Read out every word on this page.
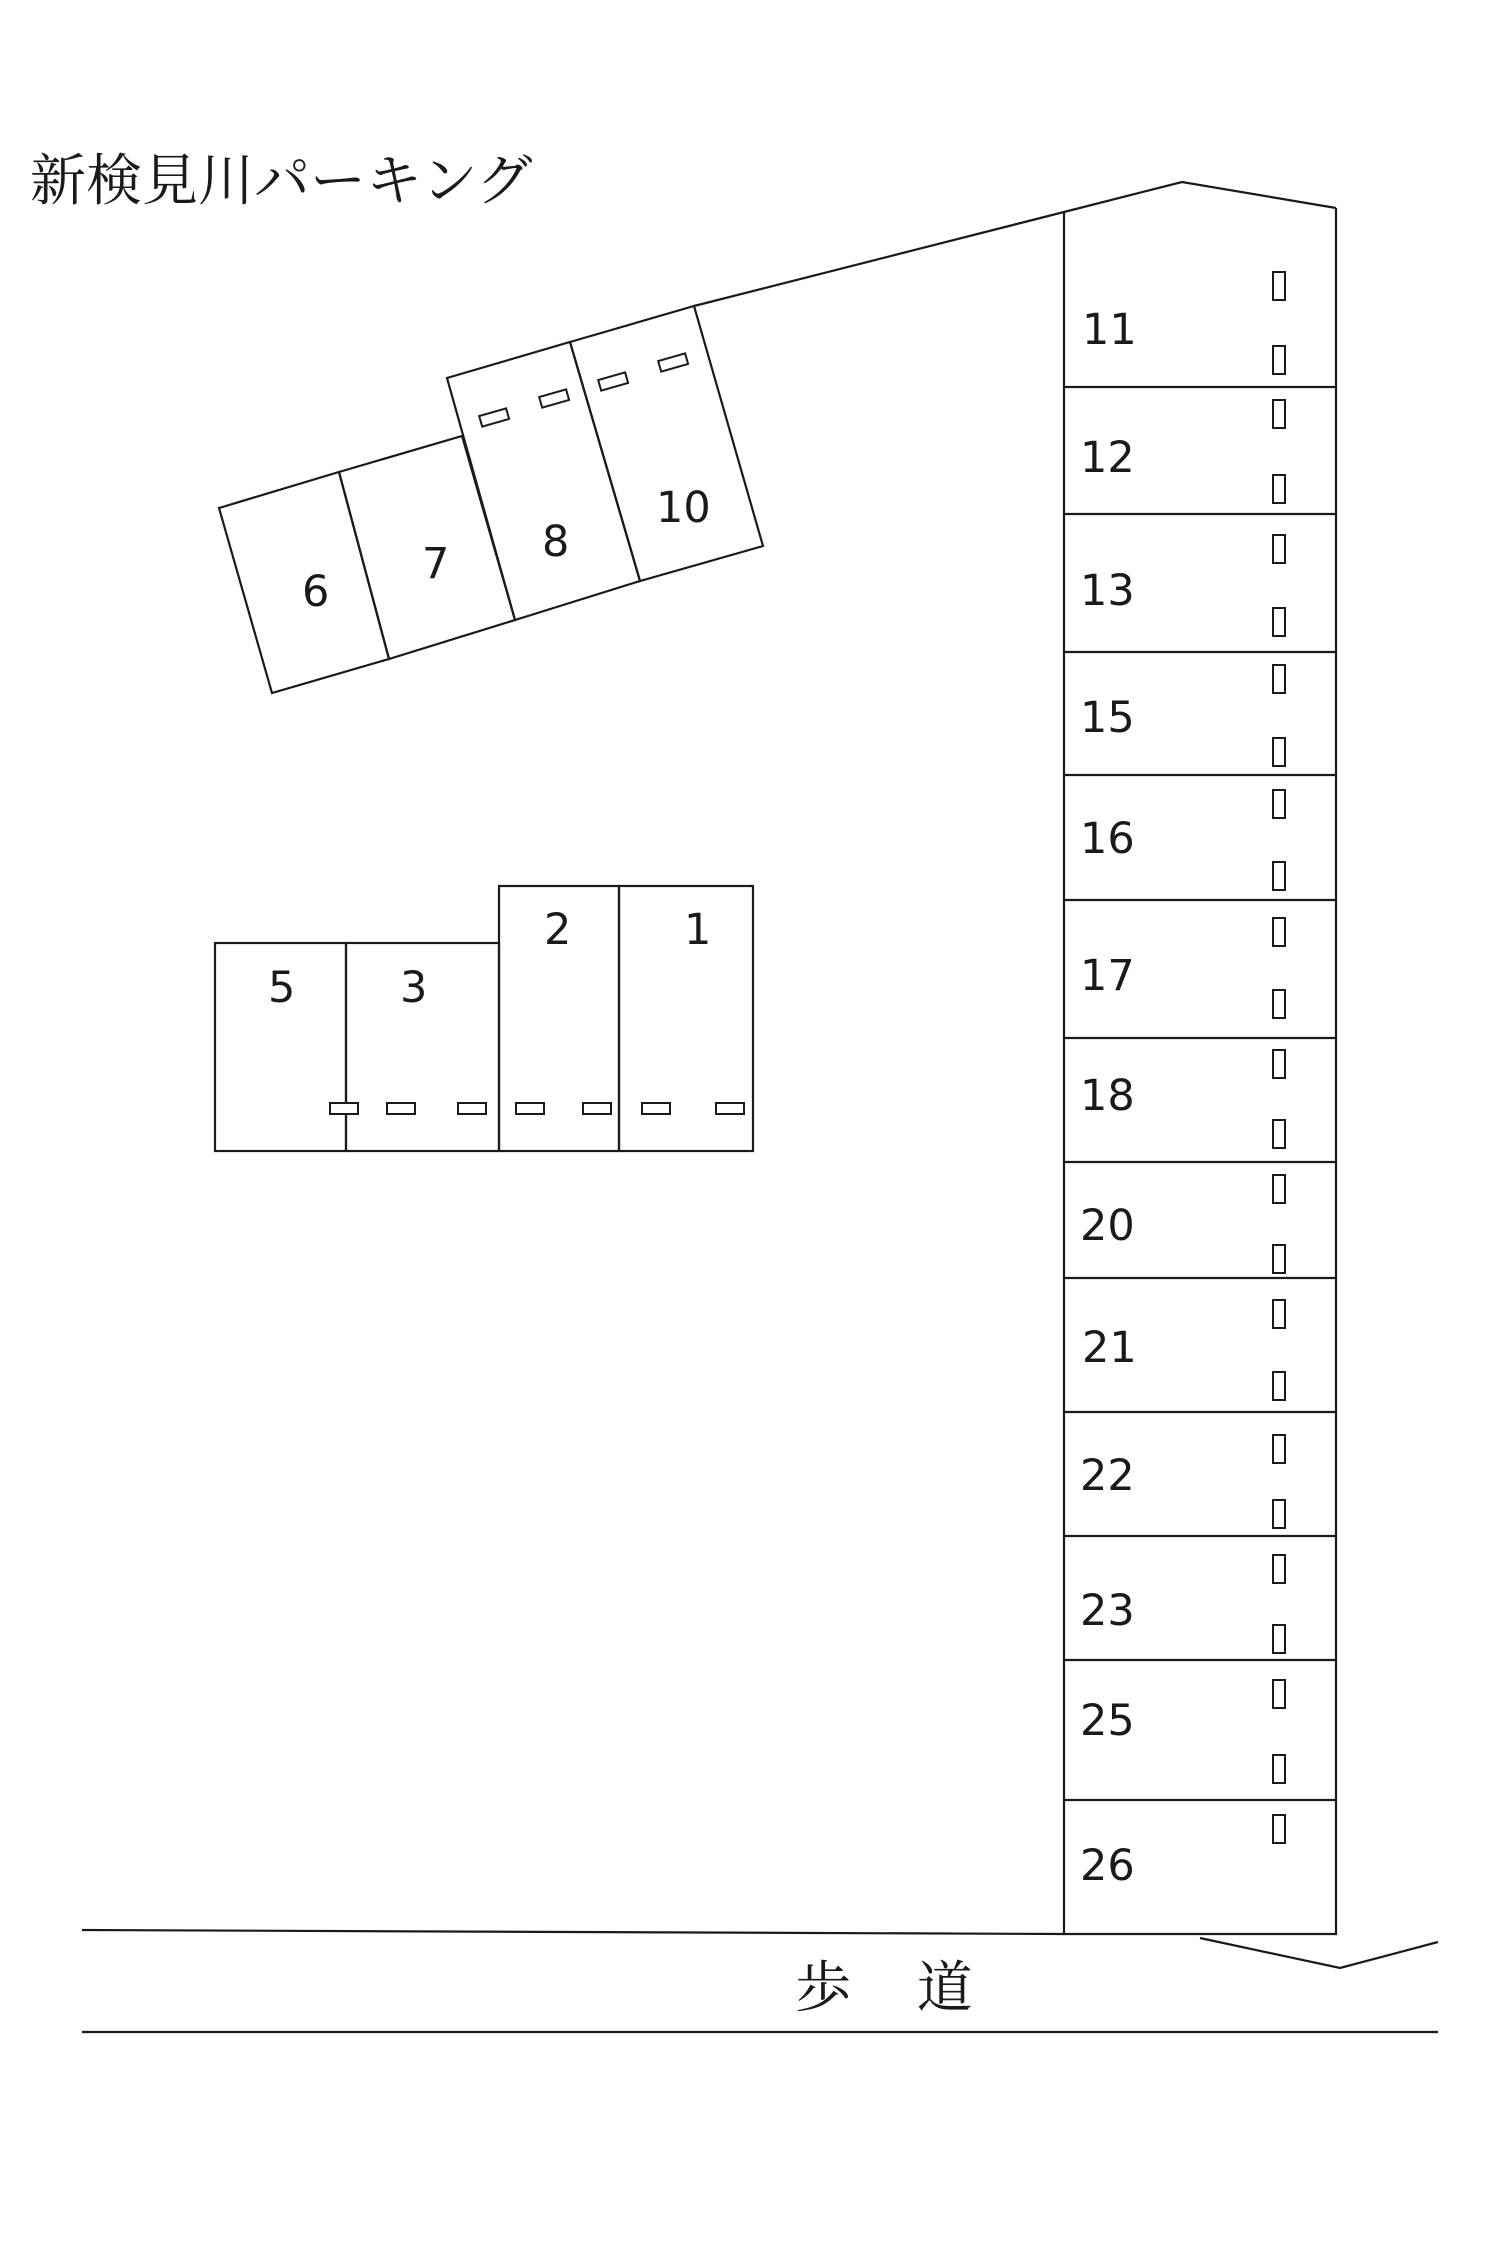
新検見川パーキング
11
12
13
15
16
17
18
20
21
22
23
25
26
6
7 8
10
5 3
2	1
歩 道
